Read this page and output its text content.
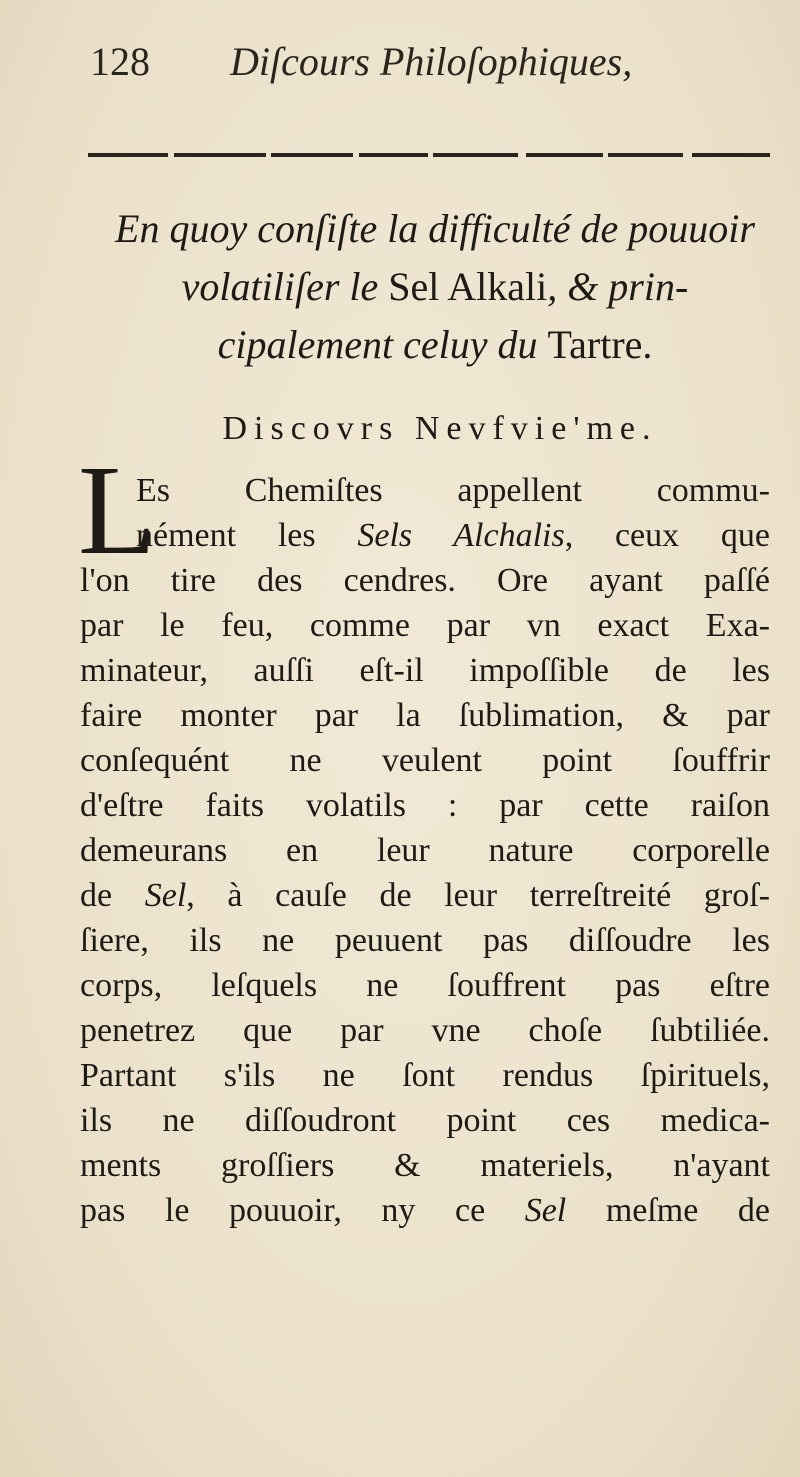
128 Diſcours Philoſophiques,
En quoy conſiſte la difficulté de pouuoir
volatiliſer le Sel Alkali, & prin-
cipalement celuy du Tartre.
Discovrs Nevfvie'me.
L
Es Chemiſtes appellent commu-
nément les Sels Alchalis, ceux que
l'on tire des cendres. Ore ayant paſſé
par le feu, comme par vn exact Exa-
minateur, auſſi eſt-il impoſſible de les
faire monter par la ſublimation, & par
conſequént ne veulent point ſouffrir
d'eſtre faits volatils : par cette raiſon
demeurans en leur nature corporelle
de Sel, à cauſe de leur terreſtreité groſ-
ſiere, ils ne peuuent pas diſſoudre les
corps, leſquels ne ſouffrent pas eſtre
penetrez que par vne choſe ſubtiliée.
Partant s'ils ne ſont rendus ſpirituels,
ils ne diſſoudront point ces medica-
ments groſſiers & materiels, n'ayant
pas le pouuoir, ny ce Sel meſme de
